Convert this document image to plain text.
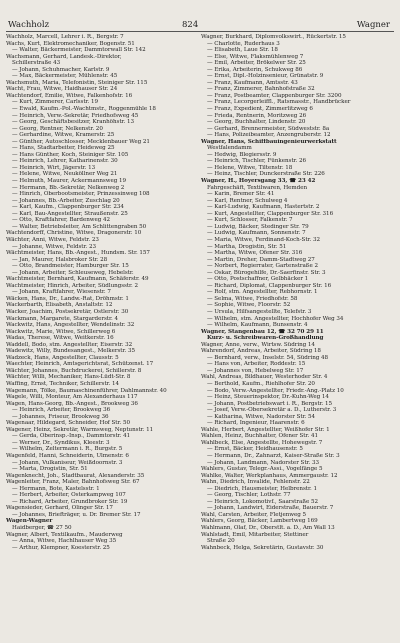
Wachholz	824	Wagner
Wachholz, Marcell, Lehrer i. R., Bergstr. 7
Wachs, Kurt, Elektromechaniker, Bogenstr. 51
— Walter, Bäckermeister, Dammtorwall Str. 142
Wachsmann, Gerhard, Landesk.-Direktor,
Schillerstraße 43
— Johann, Schuhmacher, Karlstr. 9
— Max, Bäckermeister, Mühlenstr. 45
Wachsmuth, Maria, Telefonistin, Steiniger Str. 115
Wacht, Frau, Witwe, Haidhauser Str. 24
Wachtendorf, Emilie, Witwe, Falkenhofstr. 16
— Kurt, Zimmerer, Carlsstr. 19
— Ewald, Kaufm.-Pol.-Wachtmstr., Roggenmühle 18
— Heinrich, Verw.-Sekretär, Friedhofsweg 45
— Georg, Geschäftsbesitzer, Kranhöhstr. 13
— Georg, Rentner, Nelkenstr. 20
— Gerhardine, Witwe, Kramerstr. 25
— Günther, Autoschlosser, Mecklenbauer Weg 21
— Hans, Stadtarbeiter, Heideweg 25
— Hans Günther, Koch, Steiniger Str. 105
— Heinrich, Lehrer, Katharinenstr. 30
— Heinrich, Wirt, Jägerstr. 13
— Helene, Witwe, Neuköllner Weg 21
— Helmuth, Maurer, Ackermannsweg 19
— Hermann, Bb.-Sekretär, Nelkenweg 2
— Hinrich, Oberbootsmeister, Prinzessinweg 108
— Johannes, Bb.-Arbeiter, Zuschlag 20
— Karl, Kaufm., Clappenburger Str. 234
— Karl, Bau-Angestellter, Straußenstr. 25
— Otto, Kraftfahrer, Bardenweg 42
— Walter, Betriebsleiter, Am Schlittengraben 50
Wachtendorff, Christine, Witwe, Dragonerstr. 10
Wächter, Anni, Witwe, Feldstr. 23
— Johanne, Witwe, Feldstr. 23
Wächtmeister, Hans, Bb.-Angest., Hundsm. Str. 157
— Jan, Maurer, Halsbroker Str. 28
— Otto, Brandmeister, Hamburger Str. 15
— Johann, Arbeiter, Schleuseweg, Hebelstr.
Wachtmeister, Bernhard, Kaufmann, Schäferstr. 49
Wachtmeister, Hinrich, Arbeiter, Südlungsstr. 2
— Johann, Kraftfahrer, Wiesenstr. 7
Wäcken, Hans, Dr., Landw.-Rat, Dröhmstr. 1
Wackerbarth, Elisabeth, Anstaltstr. 12
Wacker, Joachim, Postsekretär, Ostlerstr. 30
Wackmann, Margarete, Stargarderstr. 4
Wackwitz, Hans, Angestellter, Wendelinstr. 32
Wackwitz, Marie, Witwe, Schillerweg 6
Wadas, Therese, Witwe, Weitkerstr. 16
Waddell, Bodo, stm. Angestellter, Eiserstr. 32
Wadewitz, Willy, Bundesangest., Melkerstr. 35
Wadzeck, Hans, Angestellter, Clausstr. 5
Waechter, Heinrich, Amtsgerichtsrat, Schützenst. 17
Wächter, Johannes, Buchdruckerei, Schillerstr. 8
Wächter, Willi, Mechaniker, Hans-Lüdt-Str. 8
Waffing, Ernst, Techniker, Schillerstr. 14
Wagemann, Tölke, Baumaschinenführer, Dahlmannstr. 40
Wagele, Willi, Monteur, Am Alexanderhaus 117
Wagen, Hans-Georg, Bb.-Angest., Brookweg 36
— Heinrich, Arbeiter, Brookweg 36
— Johannes, Friseur, Brookweg 36
Wagenaar, Hildegard, Schneider, Hof Str. 50
Wagener, Heinz, Sekretär, Warmsweg, Neptunstr. 11
— Gerda, Oberinsp.-Insp., Dammtorstr. 41
— Werner, Dr., Syndikus, Kleestr. 3
— Wilhelm, Zeltermann i. R., Burgstr. 5
Wagenfeld, Hanni, Schneiderin, Ulmenstr. 6
— Johann, Vulkaniseur, Weißdoornstr. 3
— Marta, Drogistin, Str. 51
Wagenknecht, Joh., Stadtbaurat, Alexanderstr. 35
Wagenleiter, Franz, Maler, Bahnhofsweg Str. 67
— Hermann, Bote, Kastelsstr. 1
— Herbert, Arbeiter, Osterkampweg 107
— Richard, Arbeiter, Grundbroker Str. 19
Wagensieder, Gerhard, Ölinger Str. 17
— Johannes, Briefträger, u. Dr. Bremer Str. 17
Wagen-Wagner
Haidberger, ☎ 27 50
Wagner, Albert, Textilkaufm., Mauderweg
— Anna, Witwe, Hachlhauser Weg 35
— Arthur, Klempner, Koesterstr. 25
Wagner, Burkhard, Diplomvolkswirt., Rückertstr. 15
— Charlotte, Ruderhaus 3
— Elisabeth, Laue Str. 18
— Else, Witwe, Flaksmühlenweg 7
— Emil, Arbeiter, Brökelwer Str. 25
— Erika, Arbeiterin, Schukweg 86
— Ernst, Dipl.-Holzinsenieur, Grünatstr. 9
— Franz, Kaufmann, Amtsstr. 43
— Franz, Zimmerer, Bahnhofstraße 32
— Franz, Postbeamter, Clappenburger Str. 3200
— Franz, Lecorgerleiffl., Ratsmasstr., Handbrücker
— Franz, Expedient, Zimmerlitzweg 6
— Frieda, Rentnerin, Moritzweg 26
— Georg, Buchhalter, Lindenstr. 20
— Gerhard, Brennermeister, Südweststr. 8a
— Hans, Polizeibeamter, Anzengruberstr. 12
Wagner, Hans, Schiffbauingenieurwerkstatt
Westfalendamm
— Hedwig, Blegiersstr. 9
— Heinrich, Tischler, Fünkenstr. 26
— Helene, Witwe, Tiltenstr. 18
— Heinz, Tischler, Dunckerstraße Str. 226
Wagner, H., Hoyersgang 33, ☎ 23 42
Fahrgeschäft, Textilwaren, Hemden
— Karin, Bremer Str. 41
— Karl, Rentner, Schulweg 4
— Karl-Ludwig, Kaufmann, Hastertstr. 2
— Kurt, Angestellter, Clappenburger Str. 316
— Kurt, Schlosser, Falkenstr. 7
— Ludwig, Bäcker, Stedinger Str. 79
— Ludwig, Kaufmann, Sonnenstr. 7
— Maria, Witwe, Ferdinand-Koch-Str. 32
— Martha, Drogistin, Str. 51
— Martha, Witwe, Ofener Str. 316
— Martin, Dreher, Damm-Stadtweg 27
— Norbert, Regierrater, Gartenstraße 2
— Oskar, Bürogehilfe, Dr.-Saerfinstr. Str. 3
— Otto, Postschaffner, Gelbhäcker 1
— Richard, Diplomat, Clappenburger Str. 16
— Rolf, stm. Angestellter, Rebhornstr. 1
— Selma, Witwe, Friedhofstr. 58
— Sophie, Witwe, Floorstr. 52
— Ursula, Hilfsangestellte, Telefstr. 3
— Wilhelm, stm. Angestellter, Hochhofer Weg 34
— Wilhelm, Kaufmann, Bunsenstr. 4
Wagner, Stangenbau 12, ☎ 32 70 29 11
Kurz- u. Schreibwaren-Großhandlung
Wagner, Anne, verw., Wirtsw. Südring 14
Wahrendorf, Andreas, Arbeiter, Südring 18
— Bernhard, verw., Inselstr. 54, Südring 48
— Hans von, Arbeiter, Roddestr. 15
— Johannes von, Hebelweg Str. 17
Wahl, Andreas, Bildhauer, Westerhoder Str. 4
— Berthold, Kaufm., Riehlhofer Str. 20
— Bodo, Verw.-Angestellter, Friedr.-Ang.-Platz 10
— Heinz, Steuerinspektor, Dr.-Kuhn-Weg 14
— Johann, Postbetriebswart i. R., Bergstr. 15
— Josef, Verw.-Obersekretär a. D., Lutherstr. 3
— Katharina, Witwe, Nadorster Str. 54
— Richard, Ingenieur, Haarenstr. 6
Wahle, Herbert, Angestellter, Weißhofer Str. 1
Wahlen, Heinz, Buchhalter, Ofener Str. 41
Wahlbeck, Else, Angestellte, Hohewegstr. 7
— Ernst, Bäcker, Heidhausenstr. 5
— Hermann, Dr., Zahnarzt, Kaiser-Straße Str. 3
— Johann, Landmann, Nadorster Str. 33
Wahlers, Gustav, Telegr.-Assi., Vogelfänge 5
Wahlke, Walter, Werkplanhaus, Ammergaustr. 12
Wahn, Diedrich, Invalide, Fehlenstr. 22
— Diedrich, Hausmeister, Helbrenstr. 1
— Georg, Tischler, Lothstr. 77
— Heinrich, Lokomotivf., Saarstraße 52
— Johann, Landwirt, Eiderstraße, Bauerstr. 7
Wahl, Carsten, Arbeiter, Fletjenweg 5
Wahlers, Georg, Bäcker, Lambertweg 169
Wahlmann, Olaf, Dr., Oberstlt. a. D., Am Wall 13
Wahlstadt, Emil, Mitarbeiter, Stettiner
Straße 20
Wahnbeck, Helga, Sekretärin, Gustavstr. 30
